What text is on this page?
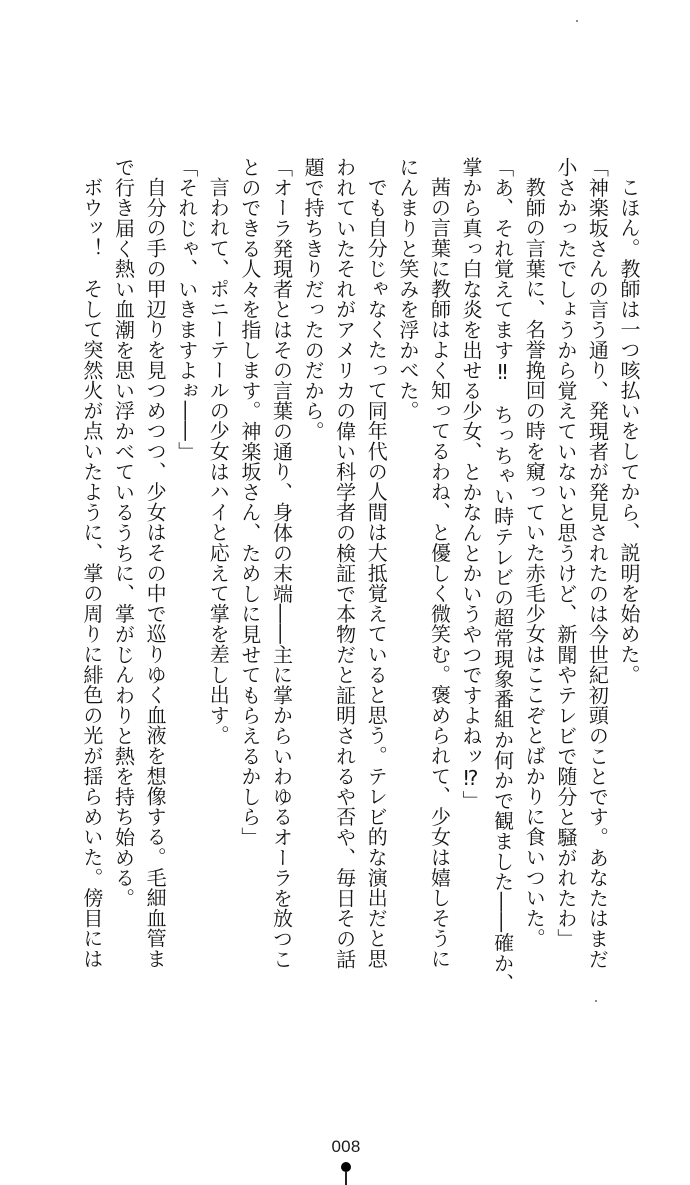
こほん。教師は一つ咳払いをしてから、説明を始めた。
「神楽坂さんの言う通り、発現者が発見されたのは今世紀初頭のことです。あなたはまだ
小さかったでしょうから覚えていないと思うけど、新聞やテレビで随分と騒がれたわ」
教師の言葉に、名誉挽回の時を窺っていた赤毛少女はここぞとばかりに食いついた。
「あ、それ覚えてます‼　ちっちゃい時テレビの超常現象番組か何かで観ました――確か、
掌から真っ白な炎を出せる少女、とかなんとかいうやつですよねッ⁉」
茜の言葉に教師はよく知ってるわね、と優しく微笑む。褒められて、少女は嬉しそうに
にんまりと笑みを浮かべた。
でも自分じゃなくたって同年代の人間は大抵覚えていると思う。テレビ的な演出だと思
われていたそれがアメリカの偉い科学者の検証で本物だと証明されるや否や、毎日その話
題で持ちきりだったのだから。
「オーラ発現者とはその言葉の通り、身体の末端――主に掌からいわゆるオーラを放つこ
とのできる人々を指します。神楽坂さん、ためしに見せてもらえるかしら」
言われて、ポニーテールの少女はハイと応えて掌を差し出す。
「それじゃ、いきますよぉ――」
自分の手の甲辺りを見つめつつ、少女はその中で巡りゆく血液を想像する。毛細血管ま
で行き届く熱い血潮を思い浮かべているうちに、掌がじんわりと熱を持ち始める。
ボウッ！　そして突然火が点いたように、掌の周りに緋色の光が揺らめいた。傍目には
008
